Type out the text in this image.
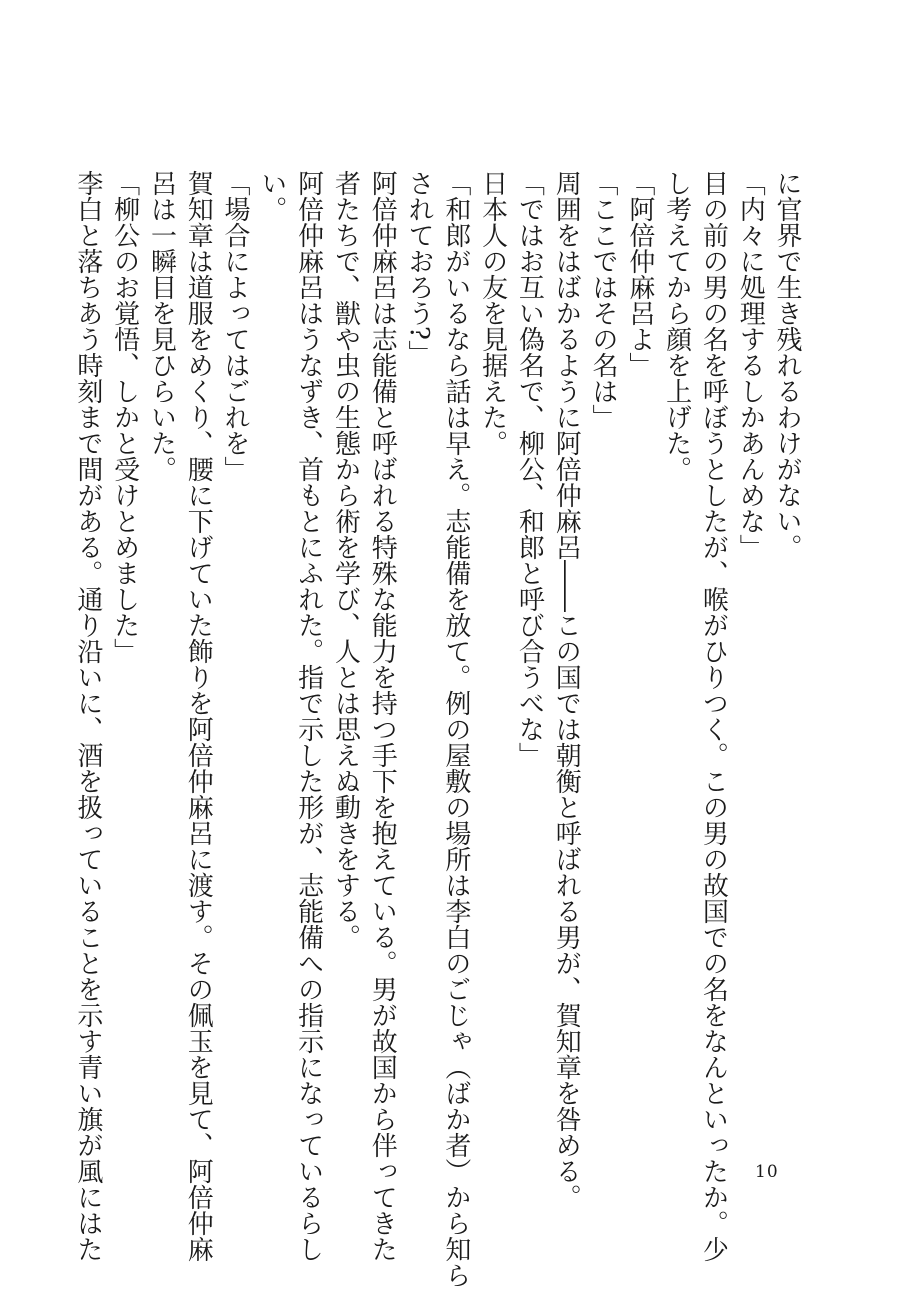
に官界で生き残れるわけがない。
「内々に処理するしかあんめな」
目の前の男の名を呼ぼうとしたが、喉がひりつく。この男の故国での名をなんといったか。少
し考えてから顔を上げた。
「阿倍仲麻呂よ」
「ここではその名は」
周囲をはばかるように阿倍仲麻呂――この国では朝衡と呼ばれる男が、賀知章を咎める。
「ではお互い偽名で、柳公、和郎と呼び合うべな」
日本人の友を見据えた。
「和郎がいるなら話は早え。志能備を放て。例の屋敷の場所は李白のごじゃ（ばか者）から知ら
されておろう?」
阿倍仲麻呂は志能備と呼ばれる特殊な能力を持つ手下を抱えている。男が故国から伴ってきた
者たちで、獣や虫の生態から術を学び、人とは思えぬ動きをする。
阿倍仲麻呂はうなずき、首もとにふれた。指で示した形が、志能備への指示になっているらし
い。
「場合によってはごれを」
賀知章は道服をめくり、腰に下げていた飾りを阿倍仲麻呂に渡す。その佩玉を見て、阿倍仲麻
呂は一瞬目を見ひらいた。
「柳公のお覚悟、しかと受けとめました」
李白と落ちあう時刻まで間がある。通り沿いに、酒を扱っていることを示す青い旗が風にはた	10
